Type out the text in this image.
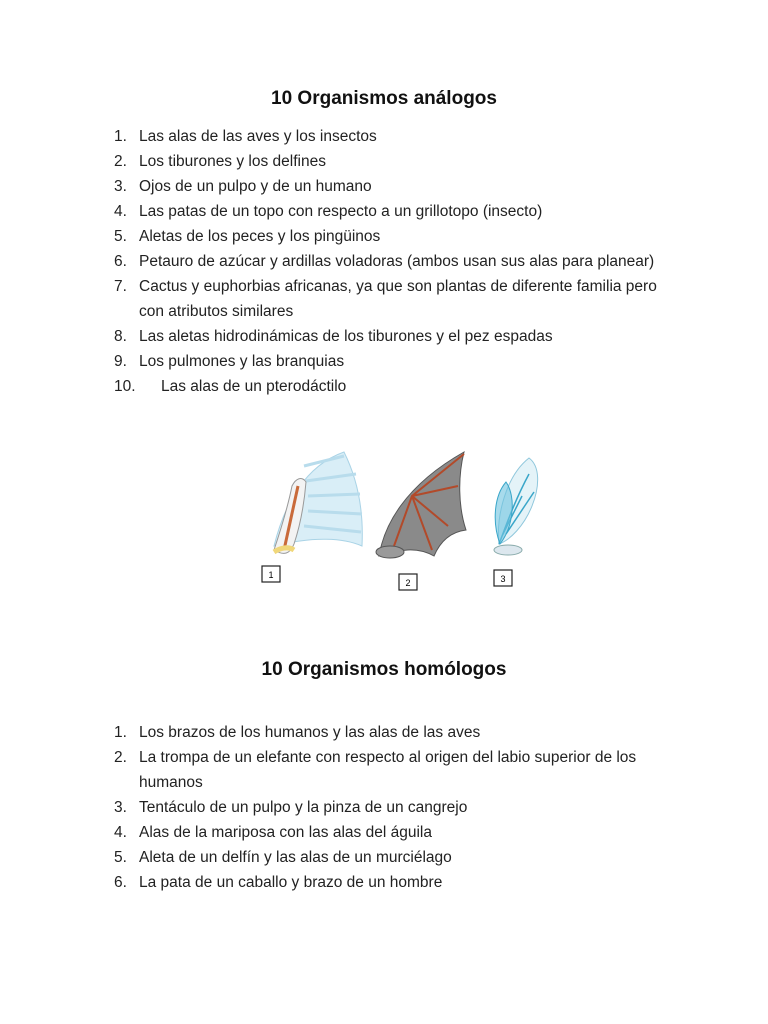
10 Organismos análogos
1. Las alas de las aves y los insectos
2. Los tiburones y los delfines
3. Ojos de un pulpo y de un humano
4. Las patas de un topo con respecto a un grillotopo (insecto)
5. Aletas de los peces y los pingüinos
6. Petauro de azúcar y ardillas voladoras (ambos usan sus alas para planear)
7. Cactus y euphorbias africanas, ya que son plantas de diferente familia pero con atributos similares
8. Las aletas hidrodinámicas de los tiburones y el pez espadas
9. Los pulmones y las branquias
10.	Las alas de un pterodáctilo
1
2	3
10 Organismos homólogos
1. Los brazos de los humanos y las alas de las aves
2. La trompa de un elefante con respecto al origen del labio superior de los humanos
3. Tentáculo de un pulpo y la pinza de un cangrejo
4. Alas de la mariposa con las alas del águila
5. Aleta de un delfín y las alas de un murciélago
6. La pata de un caballo y brazo de un hombre
